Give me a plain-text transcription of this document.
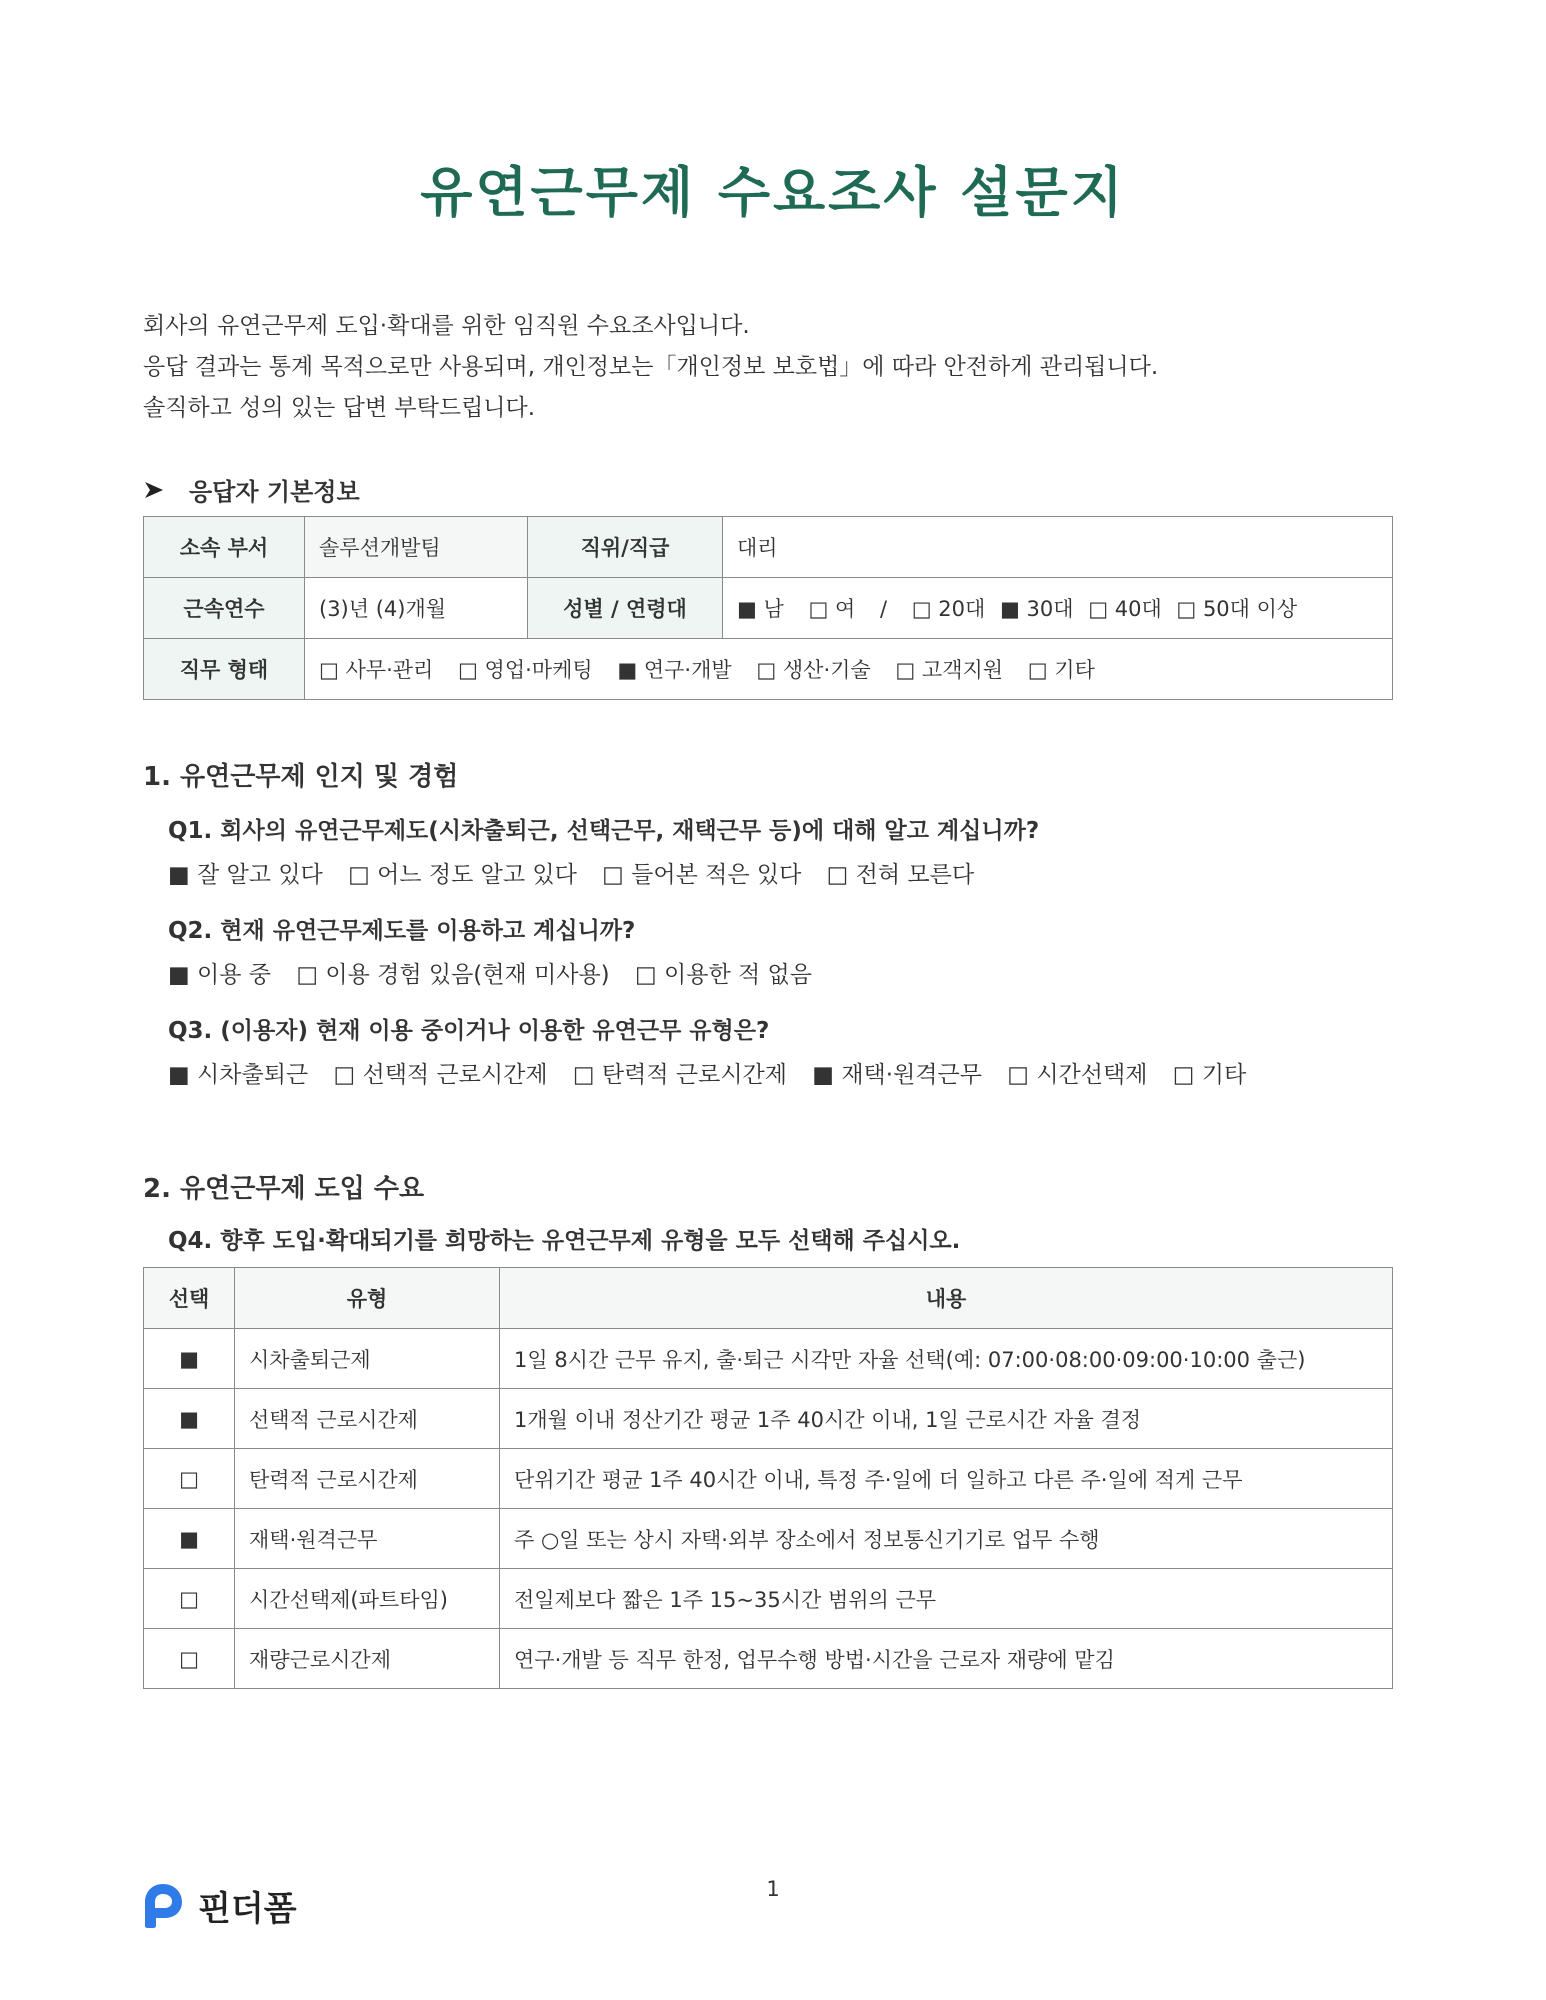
유연근무제 수요조사 설문지
회사의 유연근무제 도입·확대를 위한 임직원 수요조사입니다.
응답 결과는 통계 목적으로만 사용되며, 개인정보는「개인정보 보호법」에 따라 안전하게 관리됩니다.
솔직하고 성의 있는 답변 부탁드립니다.
응답자 기본정보
소속 부서	솔루션개발팀	직위/직급	대리
근속연수	(3)년 (4)개월	성별 / 연령대	■ 남 □ 여 / □ 20대 ■ 30대 □ 40대 □ 50대 이상
직무 형태	□ 사무·관리 □ 영업·마케팅 ■ 연구·개발 □ 생산·기술 □ 고객지원 □ 기타		
1. 유연근무제 인지 및 경험
Q1. 회사의 유연근무제도(시차출퇴근, 선택근무, 재택근무 등)에 대해 알고 계십니까?
■ 잘 알고 있다 □ 어느 정도 알고 있다 □ 들어본 적은 있다 □ 전혀 모른다
Q2. 현재 유연근무제도를 이용하고 계십니까?
■ 이용 중 □ 이용 경험 있음(현재 미사용) □ 이용한 적 없음
Q3. (이용자) 현재 이용 중이거나 이용한 유연근무 유형은?
■ 시차출퇴근 □ 선택적 근로시간제 □ 탄력적 근로시간제 ■ 재택·원격근무 □ 시간선택제 □ 기타
2. 유연근무제 도입 수요
Q4. 향후 도입·확대되기를 희망하는 유연근무제 유형을 모두 선택해 주십시오.
선택	유형	내용
■	시차출퇴근제	1일 8시간 근무 유지, 출·퇴근 시각만 자율 선택(예: 07:00·08:00·09:00·10:00 출근)
■	선택적 근로시간제	1개월 이내 정산기간 평균 1주 40시간 이내, 1일 근로시간 자율 결정
□	탄력적 근로시간제	단위기간 평균 1주 40시간 이내, 특정 주·일에 더 일하고 다른 주·일에 적게 근무
■	재택·원격근무	주 ○일 또는 상시 자택·외부 장소에서 정보통신기기로 업무 수행
□	시간선택제(파트타임)	전일제보다 짧은 1주 15~35시간 범위의 근무
□	재량근로시간제	연구·개발 등 직무 한정, 업무수행 방법·시간을 근로자 재량에 맡김
핀더폼	1
